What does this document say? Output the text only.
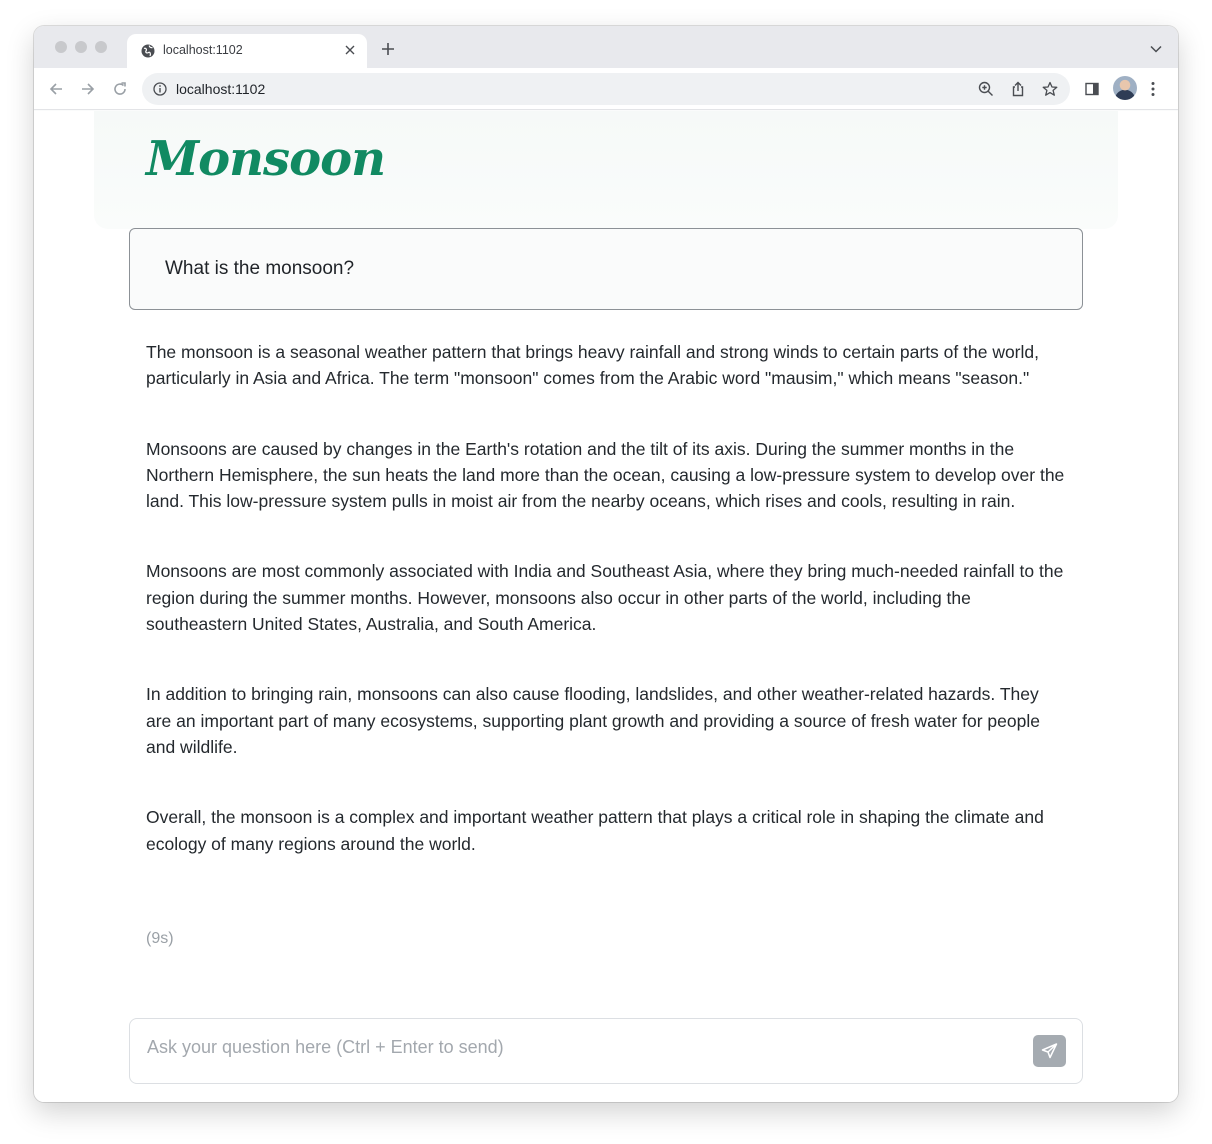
localhost:1102
localhost:1102
Monsoon
What is the monsoon?

The monsoon is a seasonal weather pattern that brings heavy rainfall and strong winds to certain parts of the world, particularly in Asia and Africa. The term "monsoon" comes from the Arabic word "mausim," which means "season."

Monsoons are caused by changes in the Earth's rotation and the tilt of its axis. During the summer months in the Northern Hemisphere, the sun heats the land more than the ocean, causing a low-pressure system to develop over the land. This low-pressure system pulls in moist air from the nearby oceans, which rises and cools, resulting in rain.

Monsoons are most commonly associated with India and Southeast Asia, where they bring much-needed rainfall to the region during the summer months. However, monsoons also occur in other parts of the world, including the southeastern United States, Australia, and South America.

In addition to bringing rain, monsoons can also cause flooding, landslides, and other weather-related hazards. They are an important part of many ecosystems, supporting plant growth and providing a source of fresh water for people and wildlife.

Overall, the monsoon is a complex and important weather pattern that plays a critical role in shaping the climate and ecology of many regions around the world.

(9s)
Ask your question here (Ctrl + Enter to send)
